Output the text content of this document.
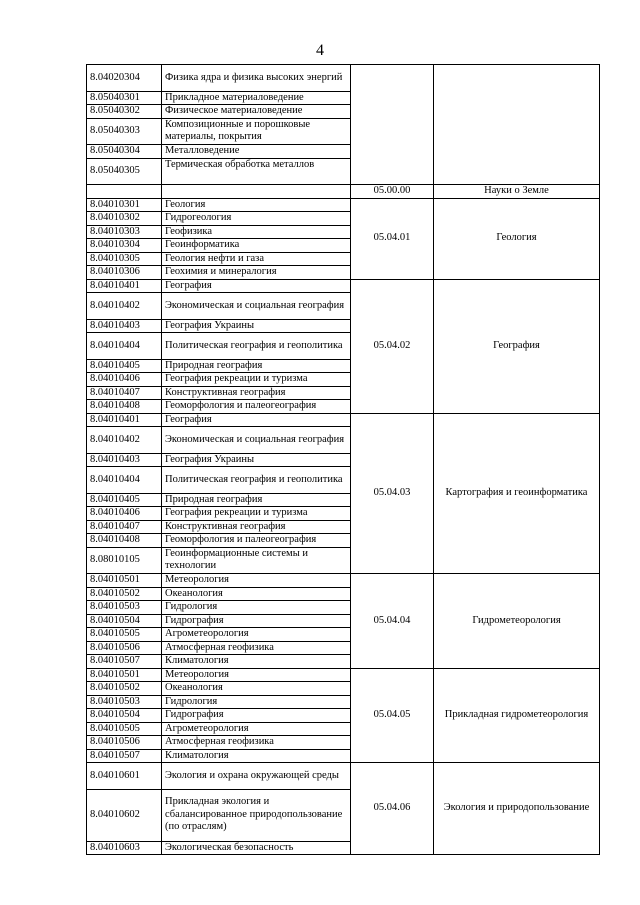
4
8.04020304	Физика ядра и физика высоких энергий		
8.05040301	Прикладное материаловедение		
8.05040302	Физическое материаловедение		
8.05040303	Композиционные и порошковые материалы, покрытия		
8.05040304	Металловедение		
8.05040305	Термическая обработка металлов		
		05.00.00	Науки о Земле
8.04010301	Геология	05.04.01	Геология
8.04010302	Гидрогеология		
8.04010303	Геофизика		
8.04010304	Геоинформатика		
8.04010305	Геология нефти и газа		
8.04010306	Геохимия и минералогия		
8.04010401	География	05.04.02	География
8.04010402	Экономическая и социальная география		
8.04010403	География Украины		
8.04010404	Политическая география и геополитика		
8.04010405	Природная география		
8.04010406	География рекреации и туризма		
8.04010407	Конструктивная география		
8.04010408	Геоморфология и палеогеография		
8.04010401	География	05.04.03	Картография и геоинформатика
8.04010402	Экономическая и социальная география		
8.04010403	География Украины		
8.04010404	Политическая география и геополитика		
8.04010405	Природная география		
8.04010406	География рекреации и туризма		
8.04010407	Конструктивная география		
8.04010408	Геоморфология и палеогеография		
8.08010105	Геоинформационные системы и технологии		
8.04010501	Метеорология	05.04.04	Гидрометеорология
8.04010502	Океанология		
8.04010503	Гидрология		
8.04010504	Гидрография		
8.04010505	Агрометеорология		
8.04010506	Атмосферная геофизика		
8.04010507	Климатология		
8.04010501	Метеорология	05.04.05	Прикладная гидрометеорология
8.04010502	Океанология		
8.04010503	Гидрология		
8.04010504	Гидрография		
8.04010505	Агрометеорология		
8.04010506	Атмосферная геофизика		
8.04010507	Климатология		
8.04010601	Экология и охрана окружающей среды	05.04.06	Экология и природопользование
8.04010602	Прикладная экология и сбалансированное природопользование (по отраслям)		
8.04010603	Экологическая безопасность		
